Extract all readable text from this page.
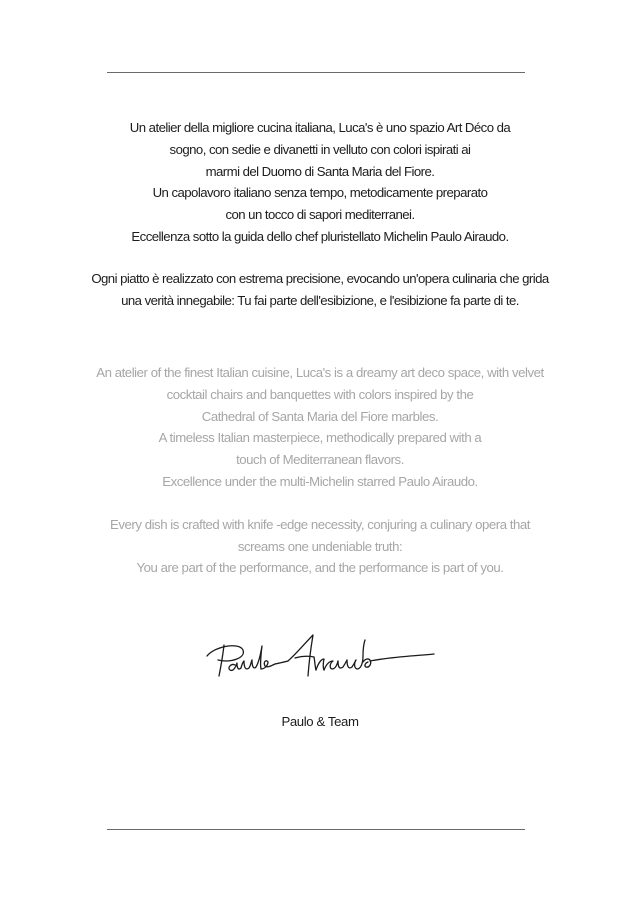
Un atelier della migliore cucina italiana, Luca's è uno spazio Art Déco da
sogno, con sedie e divanetti in velluto con colori ispirati ai
marmi del Duomo di Santa Maria del Fiore.
Un capolavoro italiano senza tempo, metodicamente preparato
con un tocco di sapori mediterranei.
Eccellenza sotto la guida dello chef pluristellato Michelin Paulo Airaudo.

Ogni piatto è realizzato con estrema precisione, evocando un'opera culinaria che grida
una verità innegabile: Tu fai parte dell'esibizione, e l'esibizione fa parte di te.

An atelier of the finest Italian cuisine, Luca's is a dreamy art deco space, with velvet
cocktail chairs and banquettes with colors inspired by the
Cathedral of Santa Maria del Fiore marbles.
A timeless Italian masterpiece, methodically prepared with a
touch of Mediterranean flavors.
Excellence under the multi-Michelin starred Paulo Airaudo.

Every dish is crafted with knife -edge necessity, conjuring a culinary opera that
screams one undeniable truth:
You are part of the performance, and the performance is part of you.

Paulo & Team
